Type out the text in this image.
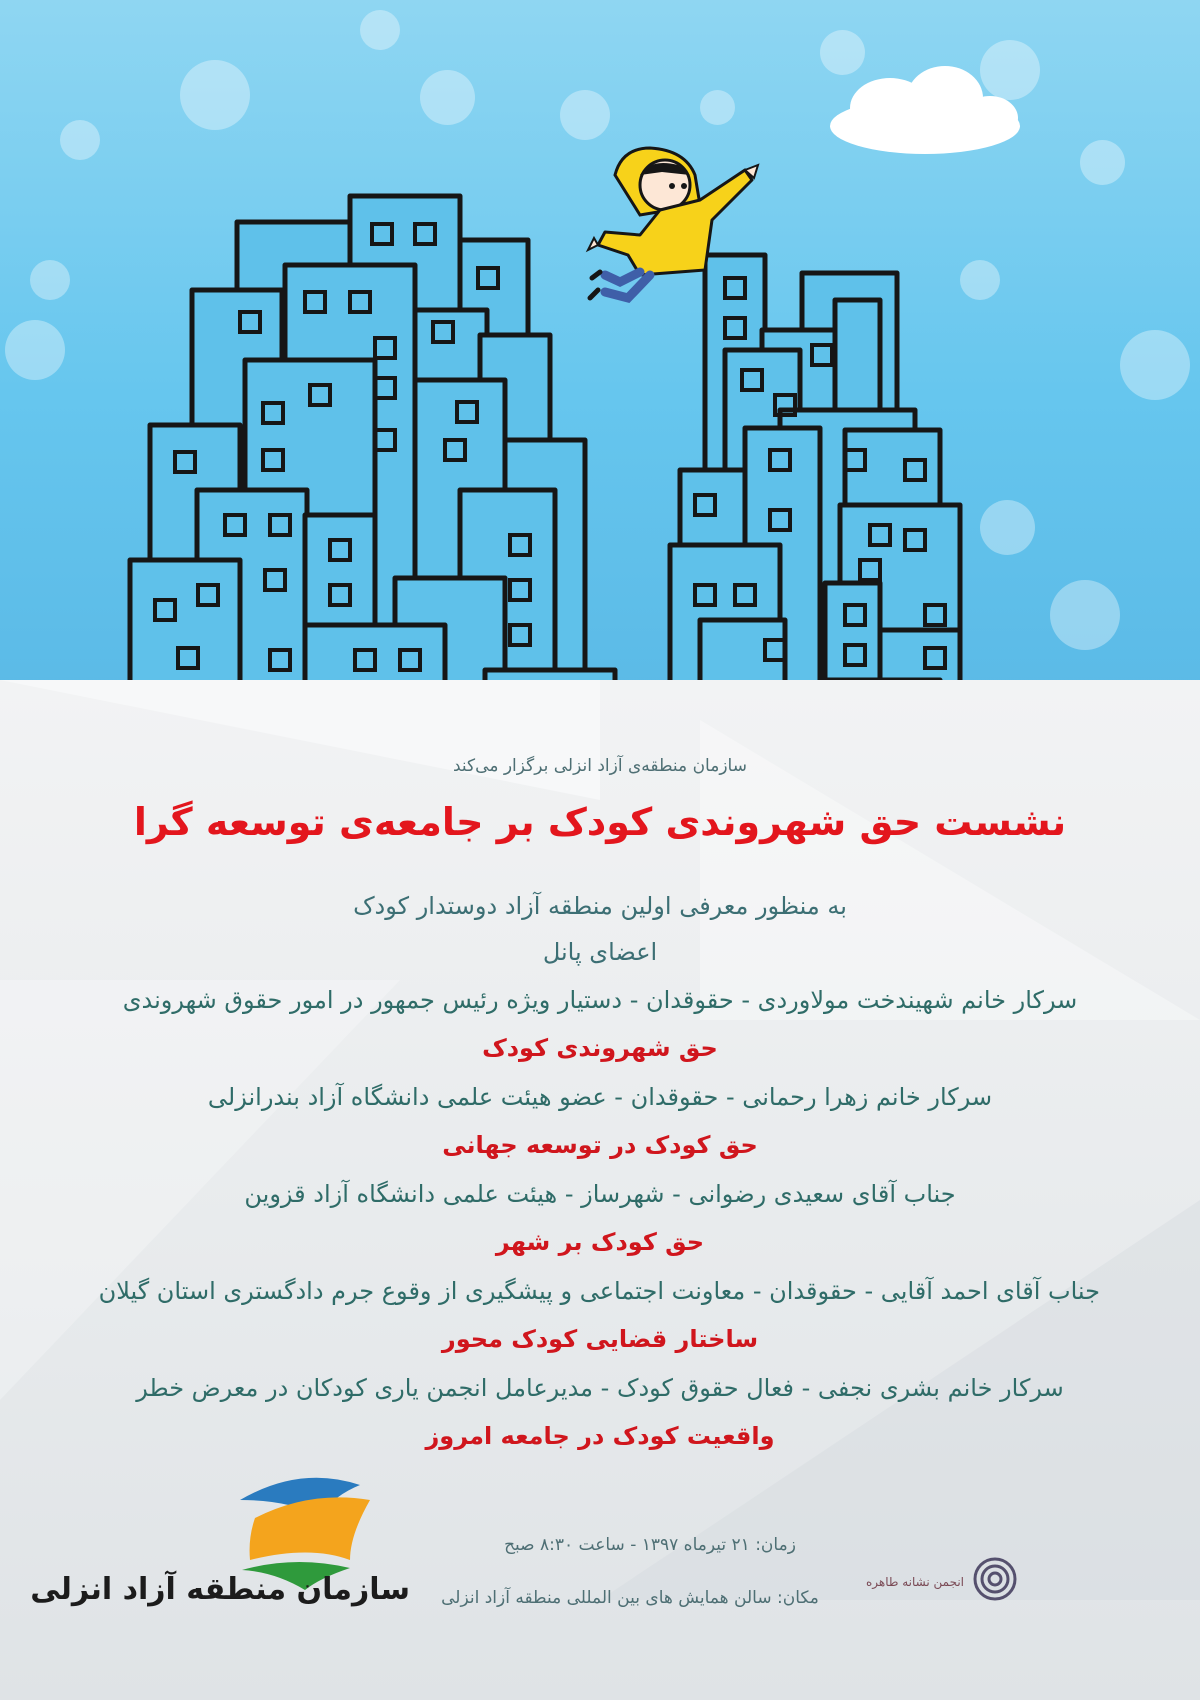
سازمان منطقه‌ی آزاد انزلی برگزار می‌کند
نشست حق شهروندی کودک بر جامعه‌ی توسعه گرا
به منظور معرفی اولین منطقه آزاد دوستدار کودک
اعضای پانل
سرکار خانم شهیندخت مولاوردی - حقوقدان - دستیار ویژه رئیس جمهور در امور حقوق شهروندی
حق شهروندی کودک
سرکار خانم زهرا رحمانی - حقوقدان - عضو هیئت علمی دانشگاه آزاد بندرانزلی
حق کودک در توسعه جهانی
جناب آقای سعیدی رضوانی - شهرساز - هیئت علمی دانشگاه آزاد قزوین
حق کودک بر شهر
جناب آقای احمد آقایی - حقوقدان - معاونت اجتماعی و پیشگیری از وقوع جرم دادگستری استان گیلان
ساختار قضایی کودک محور
سرکار خانم بشری نجفی - فعال حقوق کودک - مدیرعامل انجمن یاری کودکان در معرض خطر
واقعیت کودک در جامعه امروز
زمان: ۲۱ تیرماه ۱۳۹۷ - ساعت ۸:۳۰ صبح
مکان: سالن همایش های بین المللی منطقه آزاد انزلی
سازمان منطقه آزاد انزلی	انجمن نشانه طاهره
